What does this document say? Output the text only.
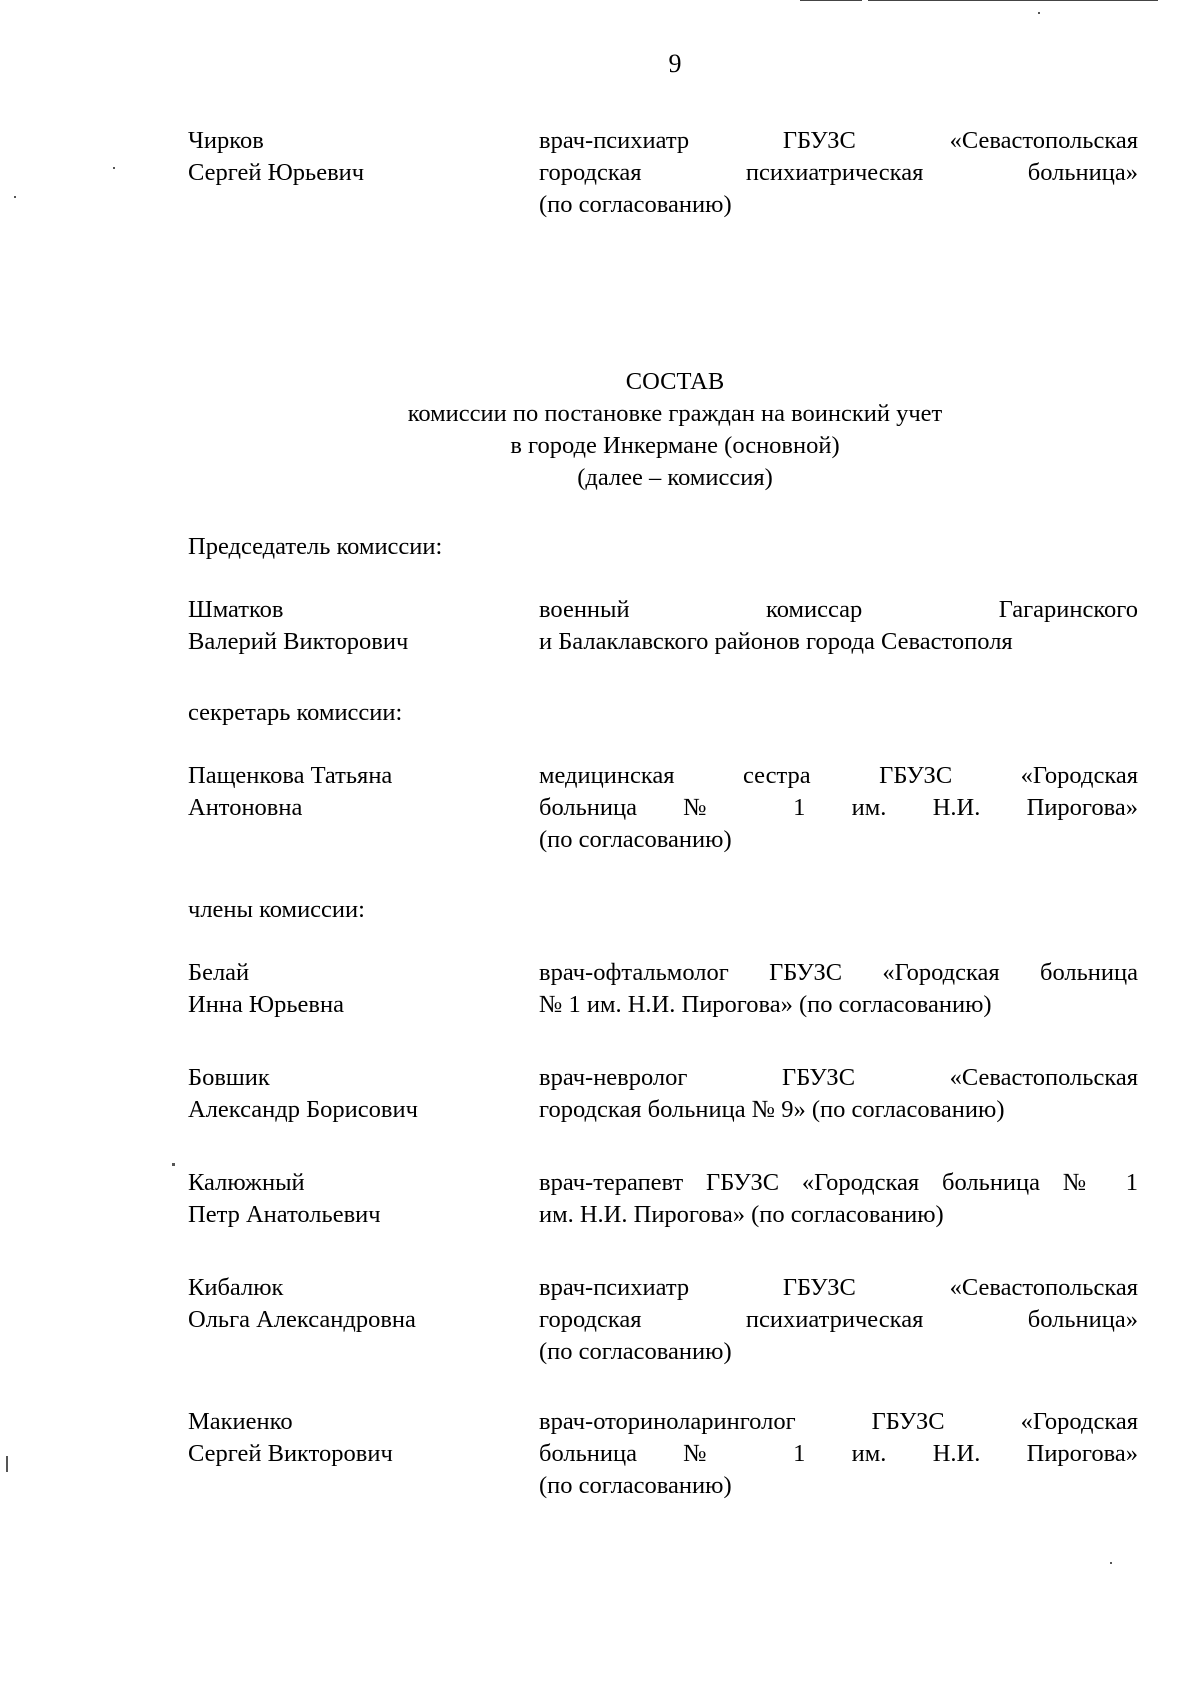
9
Чирков
Сергей Юрьевич
врач-психиатр ГБУЗС «Севастопольская
городская психиатрическая больница»
(по согласованию)
СОСТАВ
комиссии по постановке граждан на воинский учет
в городе Инкермане (основной)
(далее – комиссия)
Председатель комиссии:
Шматков
Валерий Викторович
военный комиссар Гагаринского
и Балаклавского районов города Севастополя
секретарь комиссии:
Пащенкова Татьяна
Антоновна
медицинская сестра ГБУЗС «Городская
больница № 1 им. Н.И. Пирогова»
(по согласованию)
члены комиссии:
Белай
Инна Юрьевна
врач-офтальмолог ГБУЗС «Городская больница
№ 1 им. Н.И. Пирогова» (по согласованию)
Бовшик
Александр Борисович
врач-невролог ГБУЗС «Севастопольская
городская больница № 9» (по согласованию)
Калюжный
Петр Анатольевич
врач-терапевт ГБУЗС «Городская больница № 1
им. Н.И. Пирогова» (по согласованию)
Кибалюк
Ольга Александровна
врач-психиатр ГБУЗС «Севастопольская
городская психиатрическая больница»
(по согласованию)
Макиенко
Сергей Викторович
врач-оториноларинголог ГБУЗС «Городская
больница № 1 им. Н.И. Пирогова»
(по согласованию)
